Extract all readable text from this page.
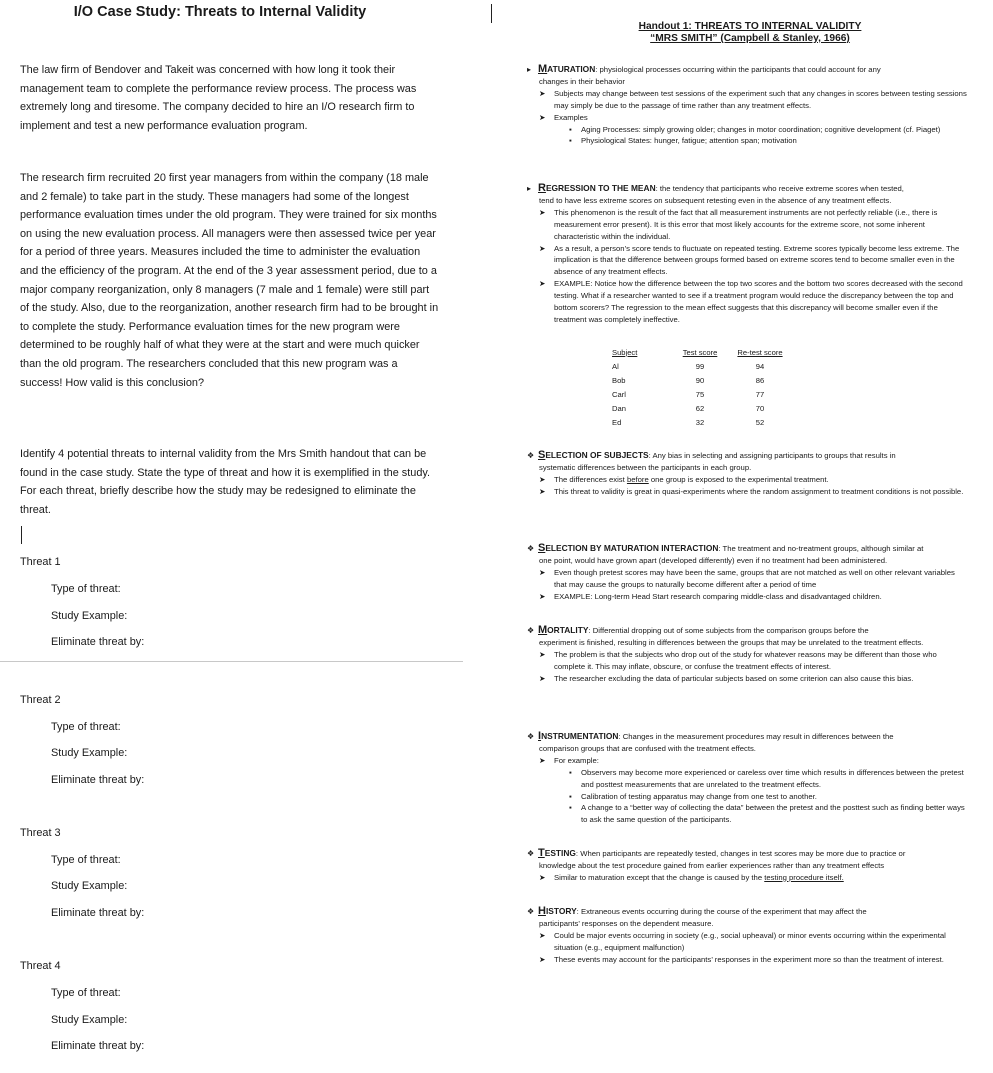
I/O Case Study: Threats to Internal Validity
The law firm of Bendover and Takeit was concerned with how long it took their management team to complete the performance review process. The process was extremely long and tiresome. The company decided to hire an I/O research firm to implement and test a new performance evaluation program.
The research firm recruited 20 first year managers from within the company (18 male and 2 female) to take part in the study. These managers had some of the longest performance evaluation times under the old program. They were trained for six months on using the new evaluation process. All managers were then assessed twice per year for a period of three years. Measures included the time to administer the evaluation and the efficiency of the program. At the end of the 3 year assessment period, due to a major company reorganization, only 8 managers (7 male and 1 female) were still part of the study. Also, due to the reorganization, another research firm had to be brought in to complete the study. Performance evaluation times for the new program were determined to be roughly half of what they were at the start and were much quicker than the old program. The researchers concluded that this new program was a success! How valid is this conclusion?
Identify 4 potential threats to internal validity from the Mrs Smith handout that can be found in the case study. State the type of threat and how it is exemplified in the study. For each threat, briefly describe how the study may be redesigned to eliminate the threat.
Threat 1
Type of threat:
Study Example:
Eliminate threat by:
Threat 2
Type of threat:
Study Example:
Eliminate threat by:
Threat 3
Type of threat:
Study Example:
Eliminate threat by:
Threat 4
Type of threat:
Study Example:
Eliminate threat by:
Handout 1: THREATS TO INTERNAL VALIDITY
“MRS SMITH” (Campbell & Stanley, 1966)
▸ MATURATION: physiological processes occurring within the participants that could account for any
changes in their behavior
➤ Subjects may change between test sessions of the experiment such that any changes in scores between testing sessions may simply be due to the passage of time rather than any treatment effects.
➤ Examples
▪ Aging Processes: simply growing older; changes in motor coordination; cognitive development (cf. Piaget)
▪ Physiological States: hunger, fatigue; attention span; motivation
▸ REGRESSION TO THE MEAN: the tendency that participants who receive extreme scores when tested,
tend to have less extreme scores on subsequent retesting even in the absence of any treatment effects.
➤ This phenomenon is the result of the fact that all measurement instruments are not perfectly reliable (i.e., there is measurement error present). It is this error that most likely accounts for the extreme score, not some inherent characteristic within the individual.
➤ As a result, a person’s score tends to fluctuate on repeated testing. Extreme scores typically become less extreme. The implication is that the difference between groups formed based on extreme scores tend to become smaller even in the absence of any treatment effects.
➤ EXAMPLE: Notice how the difference between the top two scores and the bottom two scores decreased with the second testing. What if a researcher wanted to see if a treatment program would reduce the discrepancy between the top and bottom scorers? The regression to the mean effect suggests that this discrepancy will become smaller even if the treatment was completely ineffective.
Subject	Test score	Re-test score
Al	99	94
Bob	90	86
Carl	75	77
Dan	62	70
Ed	32	52
❖ SELECTION OF SUBJECTS: Any bias in selecting and assigning participants to groups that results in
systematic differences between the participants in each group.
➤ The differences exist before one group is exposed to the experimental treatment.
➤ This threat to validity is great in quasi-experiments where the random assignment to treatment conditions is not possible.
❖ SELECTION BY MATURATION INTERACTION: The treatment and no-treatment groups, although similar at
one point, would have grown apart (developed differently) even if no treatment had been administered.
➤ Even though pretest scores may have been the same, groups that are not matched as well on other relevant variables that may cause the groups to naturally become different after a period of time
➤ EXAMPLE: Long-term Head Start research comparing middle-class and disadvantaged children.
❖ MORTALITY: Differential dropping out of some subjects from the comparison groups before the
experiment is finished, resulting in differences between the groups that may be unrelated to the treatment effects.
➤ The problem is that the subjects who drop out of the study for whatever reasons may be different than those who complete it. This may inflate, obscure, or confuse the treatment effects of interest.
➤ The researcher excluding the data of particular subjects based on some criterion can also cause this bias.
❖ INSTRUMENTATION: Changes in the measurement procedures may result in differences between the
comparison groups that are confused with the treatment effects.
➤ For example:
▪ Observers may become more experienced or careless over time which results in differences between the pretest and posttest measurements that are unrelated to the treatment effects.
▪ Calibration of testing apparatus may change from one test to another.
▪ A change to a “better way of collecting the data” between the pretest and the posttest such as finding better ways to ask the same question of the participants.
❖ TESTING: When participants are repeatedly tested, changes in test scores may be more due to practice or
knowledge about the test procedure gained from earlier experiences rather than any treatment effects
➤ Similar to maturation except that the change is caused by the testing procedure itself.
❖ HISTORY: Extraneous events occurring during the course of the experiment that may affect the
participants’ responses on the dependent measure.
➤ Could be major events occurring in society (e.g., social upheaval) or minor events occurring within the experimental situation (e.g., equipment malfunction)
➤ These events may account for the participants’ responses in the experiment more so than the treatment of interest.
